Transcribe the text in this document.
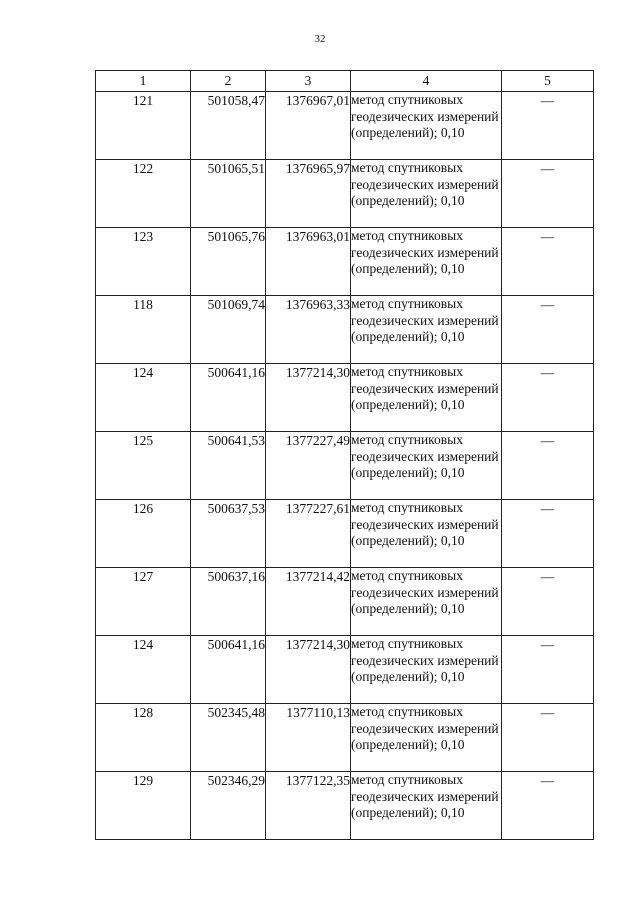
32
1	2	3	4	5
121	501058,47	1376967,01	метод спутниковых геодезических измерений (определений); 0,10	—
122	501065,51	1376965,97	метод спутниковых геодезических измерений (определений); 0,10	—
123	501065,76	1376963,01	метод спутниковых геодезических измерений (определений); 0,10	—
118	501069,74	1376963,33	метод спутниковых геодезических измерений (определений); 0,10	—
124	500641,16	1377214,30	метод спутниковых геодезических измерений (определений); 0,10	—
125	500641,53	1377227,49	метод спутниковых геодезических измерений (определений); 0,10	—
126	500637,53	1377227,61	метод спутниковых геодезических измерений (определений); 0,10	—
127	500637,16	1377214,42	метод спутниковых геодезических измерений (определений); 0,10	—
124	500641,16	1377214,30	метод спутниковых геодезических измерений (определений); 0,10	—
128	502345,48	1377110,13	метод спутниковых геодезических измерений (определений); 0,10	—
129	502346,29	1377122,35	метод спутниковых геодезических измерений (определений); 0,10	—
